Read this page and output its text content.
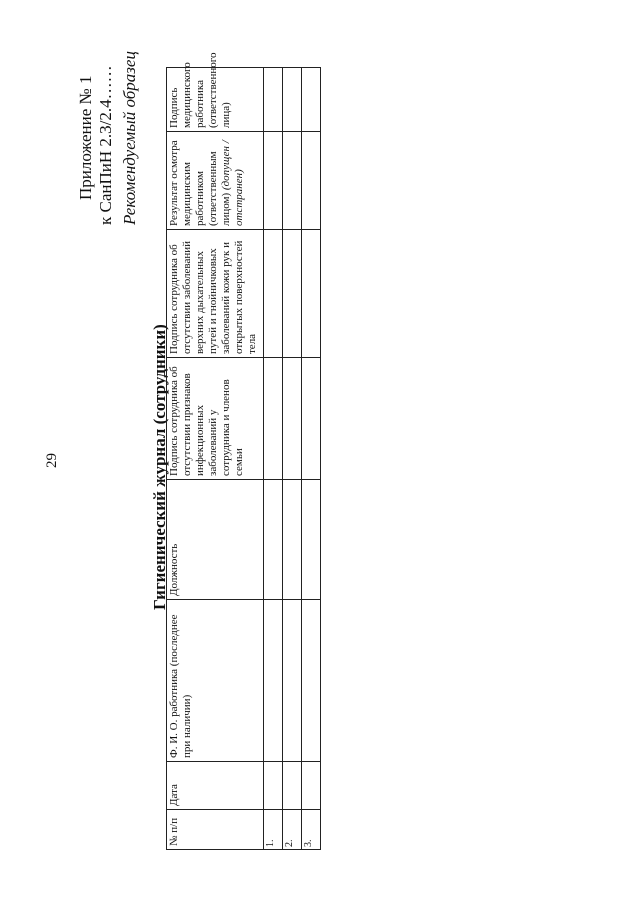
29
Приложение № 1 к СанПиН 2.3/2.4…… Рекомендуемый образец
Гигиенический журнал (сотрудники)
№ п/п	Дата	Ф. И. О. работника (последнее при наличии)	Должность	Подпись сотрудника об отсутствии признаков инфекционных заболеваний у сотрудника и членов семьи	Подпись сотрудника об отсутствии заболеваний верхних дыхательных путей и гнойничковых заболеваний кожи рук и открытых поверхностей тела	Результат осмотра медицинским работником (ответственным лицом) (допущен / отстранен)	Подпись медицинского работника (ответственного лица)
1.							
2.							
3.							
